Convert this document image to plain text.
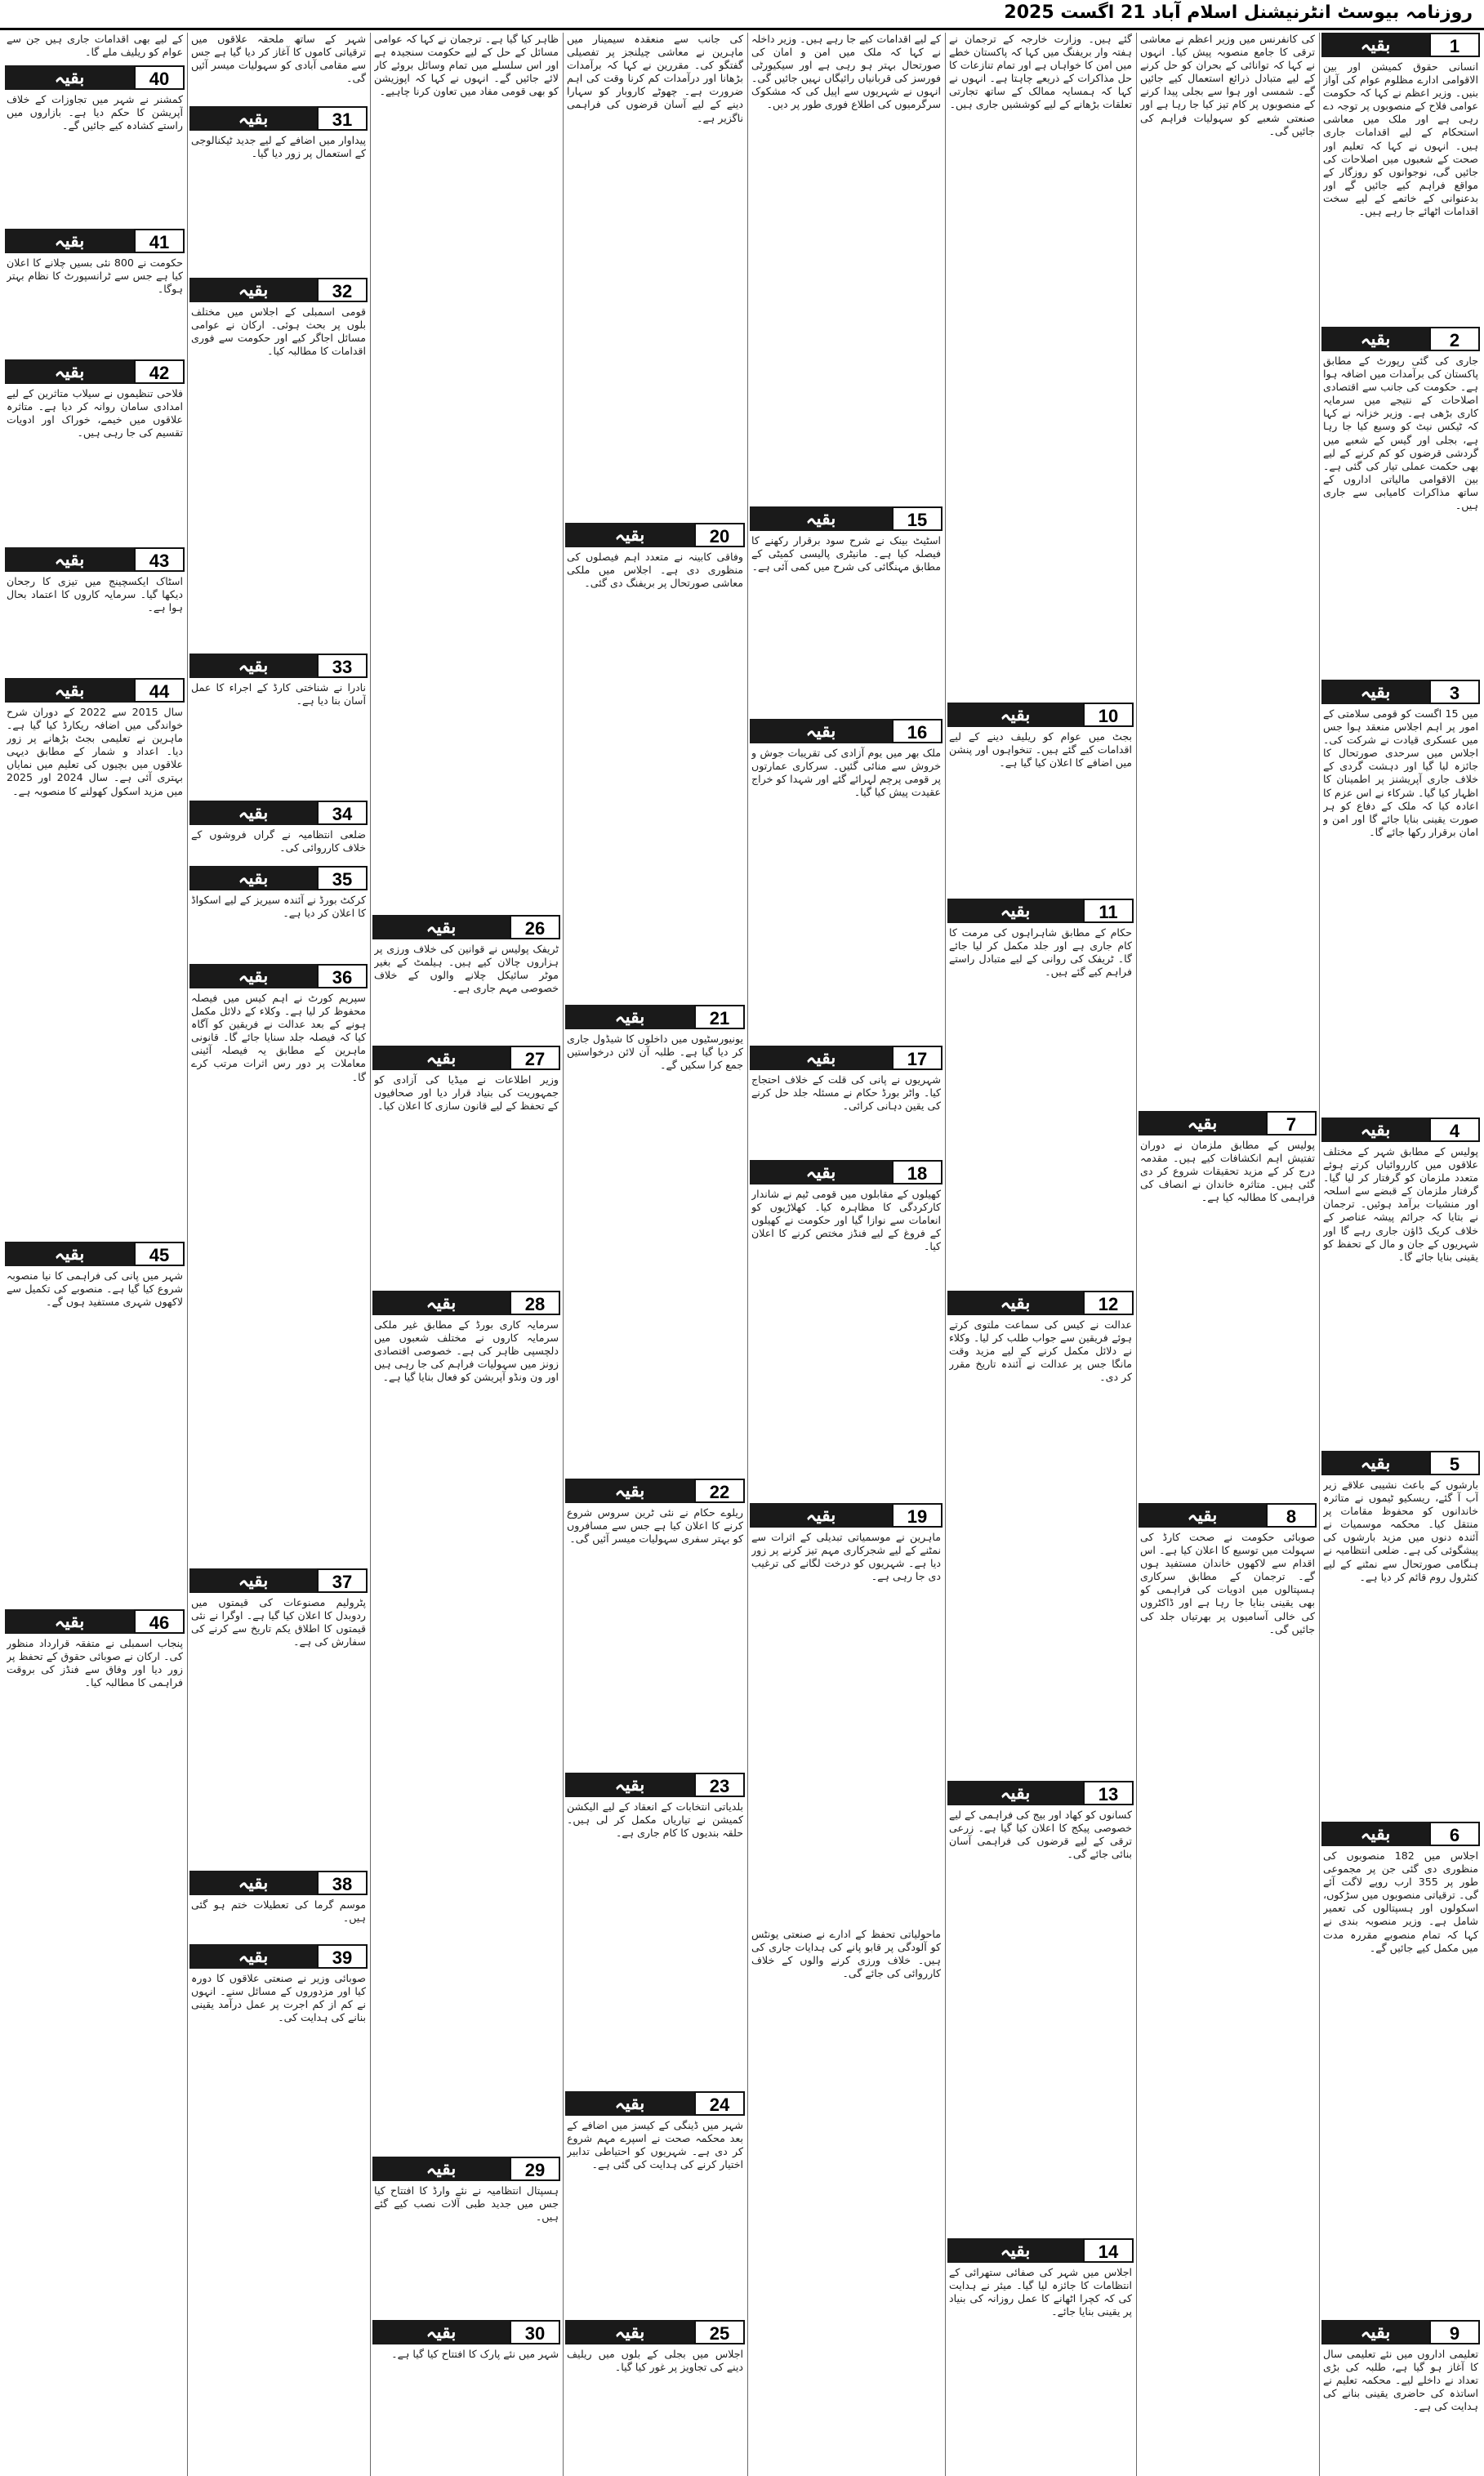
روزنامہ بیوسٹ انٹرنیشنل اسلام آباد 21 اگست 2025
بقیہ	1
انسانی حقوق کمیشن اور بین الاقوامی ادارے مظلوم عوام کی آواز بنیں۔ وزیر اعظم نے کہا کہ حکومت عوامی فلاح کے منصوبوں پر توجہ دے رہی ہے اور ملک میں معاشی استحکام کے لیے اقدامات جاری ہیں۔ انہوں نے کہا کہ تعلیم اور صحت کے شعبوں میں اصلاحات کی جائیں گی، نوجوانوں کو روزگار کے مواقع فراہم کیے جائیں گے اور بدعنوانی کے خاتمے کے لیے سخت اقدامات اٹھائے جا رہے ہیں۔
بقیہ	2
جاری کی گئی رپورٹ کے مطابق پاکستان کی برآمدات میں اضافہ ہوا ہے۔ حکومت کی جانب سے اقتصادی اصلاحات کے نتیجے میں سرمایہ کاری بڑھی ہے۔ وزیر خزانہ نے کہا کہ ٹیکس نیٹ کو وسیع کیا جا رہا ہے، بجلی اور گیس کے شعبے میں گردشی قرضوں کو کم کرنے کے لیے بھی حکمت عملی تیار کی گئی ہے۔ بین الاقوامی مالیاتی اداروں کے ساتھ مذاکرات کامیابی سے جاری ہیں۔
بقیہ	3
میں 15 اگست کو قومی سلامتی کے امور پر اہم اجلاس منعقد ہوا جس میں عسکری قیادت نے شرکت کی۔ اجلاس میں سرحدی صورتحال کا جائزہ لیا گیا اور دہشت گردی کے خلاف جاری آپریشنز پر اطمینان کا اظہار کیا گیا۔ شرکاء نے اس عزم کا اعادہ کیا کہ ملک کے دفاع کو ہر صورت یقینی بنایا جائے گا اور امن و امان برقرار رکھا جائے گا۔
بقیہ	4
پولیس کے مطابق شہر کے مختلف علاقوں میں کارروائیاں کرتے ہوئے متعدد ملزمان کو گرفتار کر لیا گیا۔ گرفتار ملزمان کے قبضے سے اسلحہ اور منشیات برآمد ہوئیں۔ ترجمان نے بتایا کہ جرائم پیشہ عناصر کے خلاف کریک ڈاؤن جاری رہے گا اور شہریوں کے جان و مال کے تحفظ کو یقینی بنایا جائے گا۔
بقیہ	5
بارشوں کے باعث نشیبی علاقے زیر آب آ گئے، ریسکیو ٹیموں نے متاثرہ خاندانوں کو محفوظ مقامات پر منتقل کیا۔ محکمہ موسمیات نے آئندہ دنوں میں مزید بارشوں کی پیشگوئی کی ہے۔ ضلعی انتظامیہ نے ہنگامی صورتحال سے نمٹنے کے لیے کنٹرول روم قائم کر دیا ہے۔
بقیہ	6
اجلاس میں 182 منصوبوں کی منظوری دی گئی جن پر مجموعی طور پر 355 ارب روپے لاگت آئے گی۔ ترقیاتی منصوبوں میں سڑکوں، اسکولوں اور ہسپتالوں کی تعمیر شامل ہے۔ وزیر منصوبہ بندی نے کہا کہ تمام منصوبے مقررہ مدت میں مکمل کیے جائیں گے۔
بقیہ	9
تعلیمی اداروں میں نئے تعلیمی سال کا آغاز ہو گیا ہے، طلبہ کی بڑی تعداد نے داخلے لیے۔ محکمہ تعلیم نے اساتذہ کی حاضری یقینی بنانے کی ہدایت کی ہے۔
کی کانفرنس میں وزیر اعظم نے معاشی ترقی کا جامع منصوبہ پیش کیا۔ انہوں نے کہا کہ توانائی کے بحران کو حل کرنے کے لیے متبادل ذرائع استعمال کیے جائیں گے۔ شمسی اور ہوا سے بجلی پیدا کرنے کے منصوبوں پر کام تیز کیا جا رہا ہے اور صنعتی شعبے کو سہولیات فراہم کی جائیں گی۔
بقیہ	7
پولیس کے مطابق ملزمان نے دوران تفتیش اہم انکشافات کیے ہیں۔ مقدمہ درج کر کے مزید تحقیقات شروع کر دی گئی ہیں۔ متاثرہ خاندان نے انصاف کی فراہمی کا مطالبہ کیا ہے۔
بقیہ	8
صوبائی حکومت نے صحت کارڈ کی سہولت میں توسیع کا اعلان کیا ہے۔ اس اقدام سے لاکھوں خاندان مستفید ہوں گے۔ ترجمان کے مطابق سرکاری ہسپتالوں میں ادویات کی فراہمی کو بھی یقینی بنایا جا رہا ہے اور ڈاکٹروں کی خالی آسامیوں پر بھرتیاں جلد کی جائیں گی۔
گئے ہیں۔ وزارت خارجہ کے ترجمان نے ہفتہ وار بریفنگ میں کہا کہ پاکستان خطے میں امن کا خواہاں ہے اور تمام تنازعات کا حل مذاکرات کے ذریعے چاہتا ہے۔ انہوں نے کہا کہ ہمسایہ ممالک کے ساتھ تجارتی تعلقات بڑھانے کے لیے کوششیں جاری ہیں۔
بقیہ	10
بجٹ میں عوام کو ریلیف دینے کے لیے اقدامات کیے گئے ہیں۔ تنخواہوں اور پنشن میں اضافے کا اعلان کیا گیا ہے۔
بقیہ	11
حکام کے مطابق شاہراہوں کی مرمت کا کام جاری ہے اور جلد مکمل کر لیا جائے گا۔ ٹریفک کی روانی کے لیے متبادل راستے فراہم کیے گئے ہیں۔
بقیہ	12
عدالت نے کیس کی سماعت ملتوی کرتے ہوئے فریقین سے جواب طلب کر لیا۔ وکلاء نے دلائل مکمل کرنے کے لیے مزید وقت مانگا جس پر عدالت نے آئندہ تاریخ مقرر کر دی۔
بقیہ	13
کسانوں کو کھاد اور بیج کی فراہمی کے لیے خصوصی پیکج کا اعلان کیا گیا ہے۔ زرعی ترقی کے لیے قرضوں کی فراہمی آسان بنائی جائے گی۔
بقیہ	14
اجلاس میں شہر کی صفائی ستھرائی کے انتظامات کا جائزہ لیا گیا۔ میئر نے ہدایت کی کہ کچرا اٹھانے کا عمل روزانہ کی بنیاد پر یقینی بنایا جائے۔
کے لیے اقدامات کیے جا رہے ہیں۔ وزیر داخلہ نے کہا کہ ملک میں امن و امان کی صورتحال بہتر ہو رہی ہے اور سیکیورٹی فورسز کی قربانیاں رائیگاں نہیں جائیں گی۔ انہوں نے شہریوں سے اپیل کی کہ مشکوک سرگرمیوں کی اطلاع فوری طور پر دیں۔
بقیہ	15
اسٹیٹ بینک نے شرح سود برقرار رکھنے کا فیصلہ کیا ہے۔ مانیٹری پالیسی کمیٹی کے مطابق مہنگائی کی شرح میں کمی آئی ہے۔
بقیہ	16
ملک بھر میں یوم آزادی کی تقریبات جوش و خروش سے منائی گئیں۔ سرکاری عمارتوں پر قومی پرچم لہرائے گئے اور شہدا کو خراج عقیدت پیش کیا گیا۔
بقیہ	17
شہریوں نے پانی کی قلت کے خلاف احتجاج کیا۔ واٹر بورڈ حکام نے مسئلہ جلد حل کرنے کی یقین دہانی کرائی۔
بقیہ	18
کھیلوں کے مقابلوں میں قومی ٹیم نے شاندار کارکردگی کا مظاہرہ کیا۔ کھلاڑیوں کو انعامات سے نوازا گیا اور حکومت نے کھیلوں کے فروغ کے لیے فنڈز مختص کرنے کا اعلان کیا۔
بقیہ	19
ماہرین نے موسمیاتی تبدیلی کے اثرات سے نمٹنے کے لیے شجرکاری مہم تیز کرنے پر زور دیا ہے۔ شہریوں کو درخت لگانے کی ترغیب دی جا رہی ہے۔
ماحولیاتی تحفظ کے ادارے نے صنعتی یونٹس کو آلودگی پر قابو پانے کی ہدایات جاری کی ہیں۔ خلاف ورزی کرنے والوں کے خلاف کارروائی کی جائے گی۔
کی جانب سے منعقدہ سیمینار میں ماہرین نے معاشی چیلنجز پر تفصیلی گفتگو کی۔ مقررین نے کہا کہ برآمدات بڑھانا اور درآمدات کم کرنا وقت کی اہم ضرورت ہے۔ چھوٹے کاروبار کو سہارا دینے کے لیے آسان قرضوں کی فراہمی ناگزیر ہے۔
بقیہ	20
وفاقی کابینہ نے متعدد اہم فیصلوں کی منظوری دی ہے۔ اجلاس میں ملکی معاشی صورتحال پر بریفنگ دی گئی۔
بقیہ	21
یونیورسٹیوں میں داخلوں کا شیڈول جاری کر دیا گیا ہے۔ طلبہ آن لائن درخواستیں جمع کرا سکیں گے۔
بقیہ	22
ریلوے حکام نے نئی ٹرین سروس شروع کرنے کا اعلان کیا ہے جس سے مسافروں کو بہتر سفری سہولیات میسر آئیں گی۔
بقیہ	23
بلدیاتی انتخابات کے انعقاد کے لیے الیکشن کمیشن نے تیاریاں مکمل کر لی ہیں۔ حلقہ بندیوں کا کام جاری ہے۔
بقیہ	24
شہر میں ڈینگی کے کیسز میں اضافے کے بعد محکمہ صحت نے اسپرے مہم شروع کر دی ہے۔ شہریوں کو احتیاطی تدابیر اختیار کرنے کی ہدایت کی گئی ہے۔
بقیہ	25
اجلاس میں بجلی کے بلوں میں ریلیف دینے کی تجاویز پر غور کیا گیا۔
ظاہر کیا گیا ہے۔ ترجمان نے کہا کہ عوامی مسائل کے حل کے لیے حکومت سنجیدہ ہے اور اس سلسلے میں تمام وسائل بروئے کار لائے جائیں گے۔ انہوں نے کہا کہ اپوزیشن کو بھی قومی مفاد میں تعاون کرنا چاہیے۔
بقیہ	26
ٹریفک پولیس نے قوانین کی خلاف ورزی پر ہزاروں چالان کیے ہیں۔ ہیلمٹ کے بغیر موٹر سائیکل چلانے والوں کے خلاف خصوصی مہم جاری ہے۔
بقیہ	27
وزیر اطلاعات نے میڈیا کی آزادی کو جمہوریت کی بنیاد قرار دیا اور صحافیوں کے تحفظ کے لیے قانون سازی کا اعلان کیا۔
بقیہ	28
سرمایہ کاری بورڈ کے مطابق غیر ملکی سرمایہ کاروں نے مختلف شعبوں میں دلچسپی ظاہر کی ہے۔ خصوصی اقتصادی زونز میں سہولیات فراہم کی جا رہی ہیں اور ون ونڈو آپریشن کو فعال بنایا گیا ہے۔
بقیہ	29
ہسپتال انتظامیہ نے نئے وارڈ کا افتتاح کیا جس میں جدید طبی آلات نصب کیے گئے ہیں۔
بقیہ	30
شہر میں نئے پارک کا افتتاح کیا گیا ہے۔
شہر کے ساتھ ملحقہ علاقوں میں ترقیاتی کاموں کا آغاز کر دیا گیا ہے جس سے مقامی آبادی کو سہولیات میسر آئیں گی۔
بقیہ	31
پیداوار میں اضافے کے لیے جدید ٹیکنالوجی کے استعمال پر زور دیا گیا۔
بقیہ	32
قومی اسمبلی کے اجلاس میں مختلف بلوں پر بحث ہوئی۔ ارکان نے عوامی مسائل اجاگر کیے اور حکومت سے فوری اقدامات کا مطالبہ کیا۔
بقیہ	33
نادرا نے شناختی کارڈ کے اجراء کا عمل آسان بنا دیا ہے۔
بقیہ	34
ضلعی انتظامیہ نے گراں فروشوں کے خلاف کارروائی کی۔
بقیہ	35
کرکٹ بورڈ نے آئندہ سیریز کے لیے اسکواڈ کا اعلان کر دیا ہے۔
بقیہ	36
سپریم کورٹ نے اہم کیس میں فیصلہ محفوظ کر لیا ہے۔ وکلاء کے دلائل مکمل ہونے کے بعد عدالت نے فریقین کو آگاہ کیا کہ فیصلہ جلد سنایا جائے گا۔ قانونی ماہرین کے مطابق یہ فیصلہ آئینی معاملات پر دور رس اثرات مرتب کرے گا۔
بقیہ	37
پٹرولیم مصنوعات کی قیمتوں میں ردوبدل کا اعلان کیا گیا ہے۔ اوگرا نے نئی قیمتوں کا اطلاق یکم تاریخ سے کرنے کی سفارش کی ہے۔
بقیہ	38
موسم گرما کی تعطیلات ختم ہو گئی ہیں۔
بقیہ	39
صوبائی وزیر نے صنعتی علاقوں کا دورہ کیا اور مزدوروں کے مسائل سنے۔ انہوں نے کم از کم اجرت پر عمل درآمد یقینی بنانے کی ہدایت کی۔
کے لیے بھی اقدامات جاری ہیں جن سے عوام کو ریلیف ملے گا۔
بقیہ	40
کمشنر نے شہر میں تجاوزات کے خلاف آپریشن کا حکم دیا ہے۔ بازاروں میں راستے کشادہ کیے جائیں گے۔
بقیہ	41
حکومت نے 800 نئی بسیں چلانے کا اعلان کیا ہے جس سے ٹرانسپورٹ کا نظام بہتر ہوگا۔
بقیہ	42
فلاحی تنظیموں نے سیلاب متاثرین کے لیے امدادی سامان روانہ کر دیا ہے۔ متاثرہ علاقوں میں خیمے، خوراک اور ادویات تقسیم کی جا رہی ہیں۔
بقیہ	43
اسٹاک ایکسچینج میں تیزی کا رجحان دیکھا گیا۔ سرمایہ کاروں کا اعتماد بحال ہوا ہے۔
بقیہ	44
سال 2015 سے 2022 کے دوران شرح خواندگی میں اضافہ ریکارڈ کیا گیا ہے۔ ماہرین نے تعلیمی بجٹ بڑھانے پر زور دیا۔ اعداد و شمار کے مطابق دیہی علاقوں میں بچیوں کی تعلیم میں نمایاں بہتری آئی ہے۔ سال 2024 اور 2025 میں مزید اسکول کھولنے کا منصوبہ ہے۔
بقیہ	45
شہر میں پانی کی فراہمی کا نیا منصوبہ شروع کیا گیا ہے۔ منصوبے کی تکمیل سے لاکھوں شہری مستفید ہوں گے۔
بقیہ	46
پنجاب اسمبلی نے متفقہ قرارداد منظور کی۔ ارکان نے صوبائی حقوق کے تحفظ پر زور دیا اور وفاق سے فنڈز کی بروقت فراہمی کا مطالبہ کیا۔
